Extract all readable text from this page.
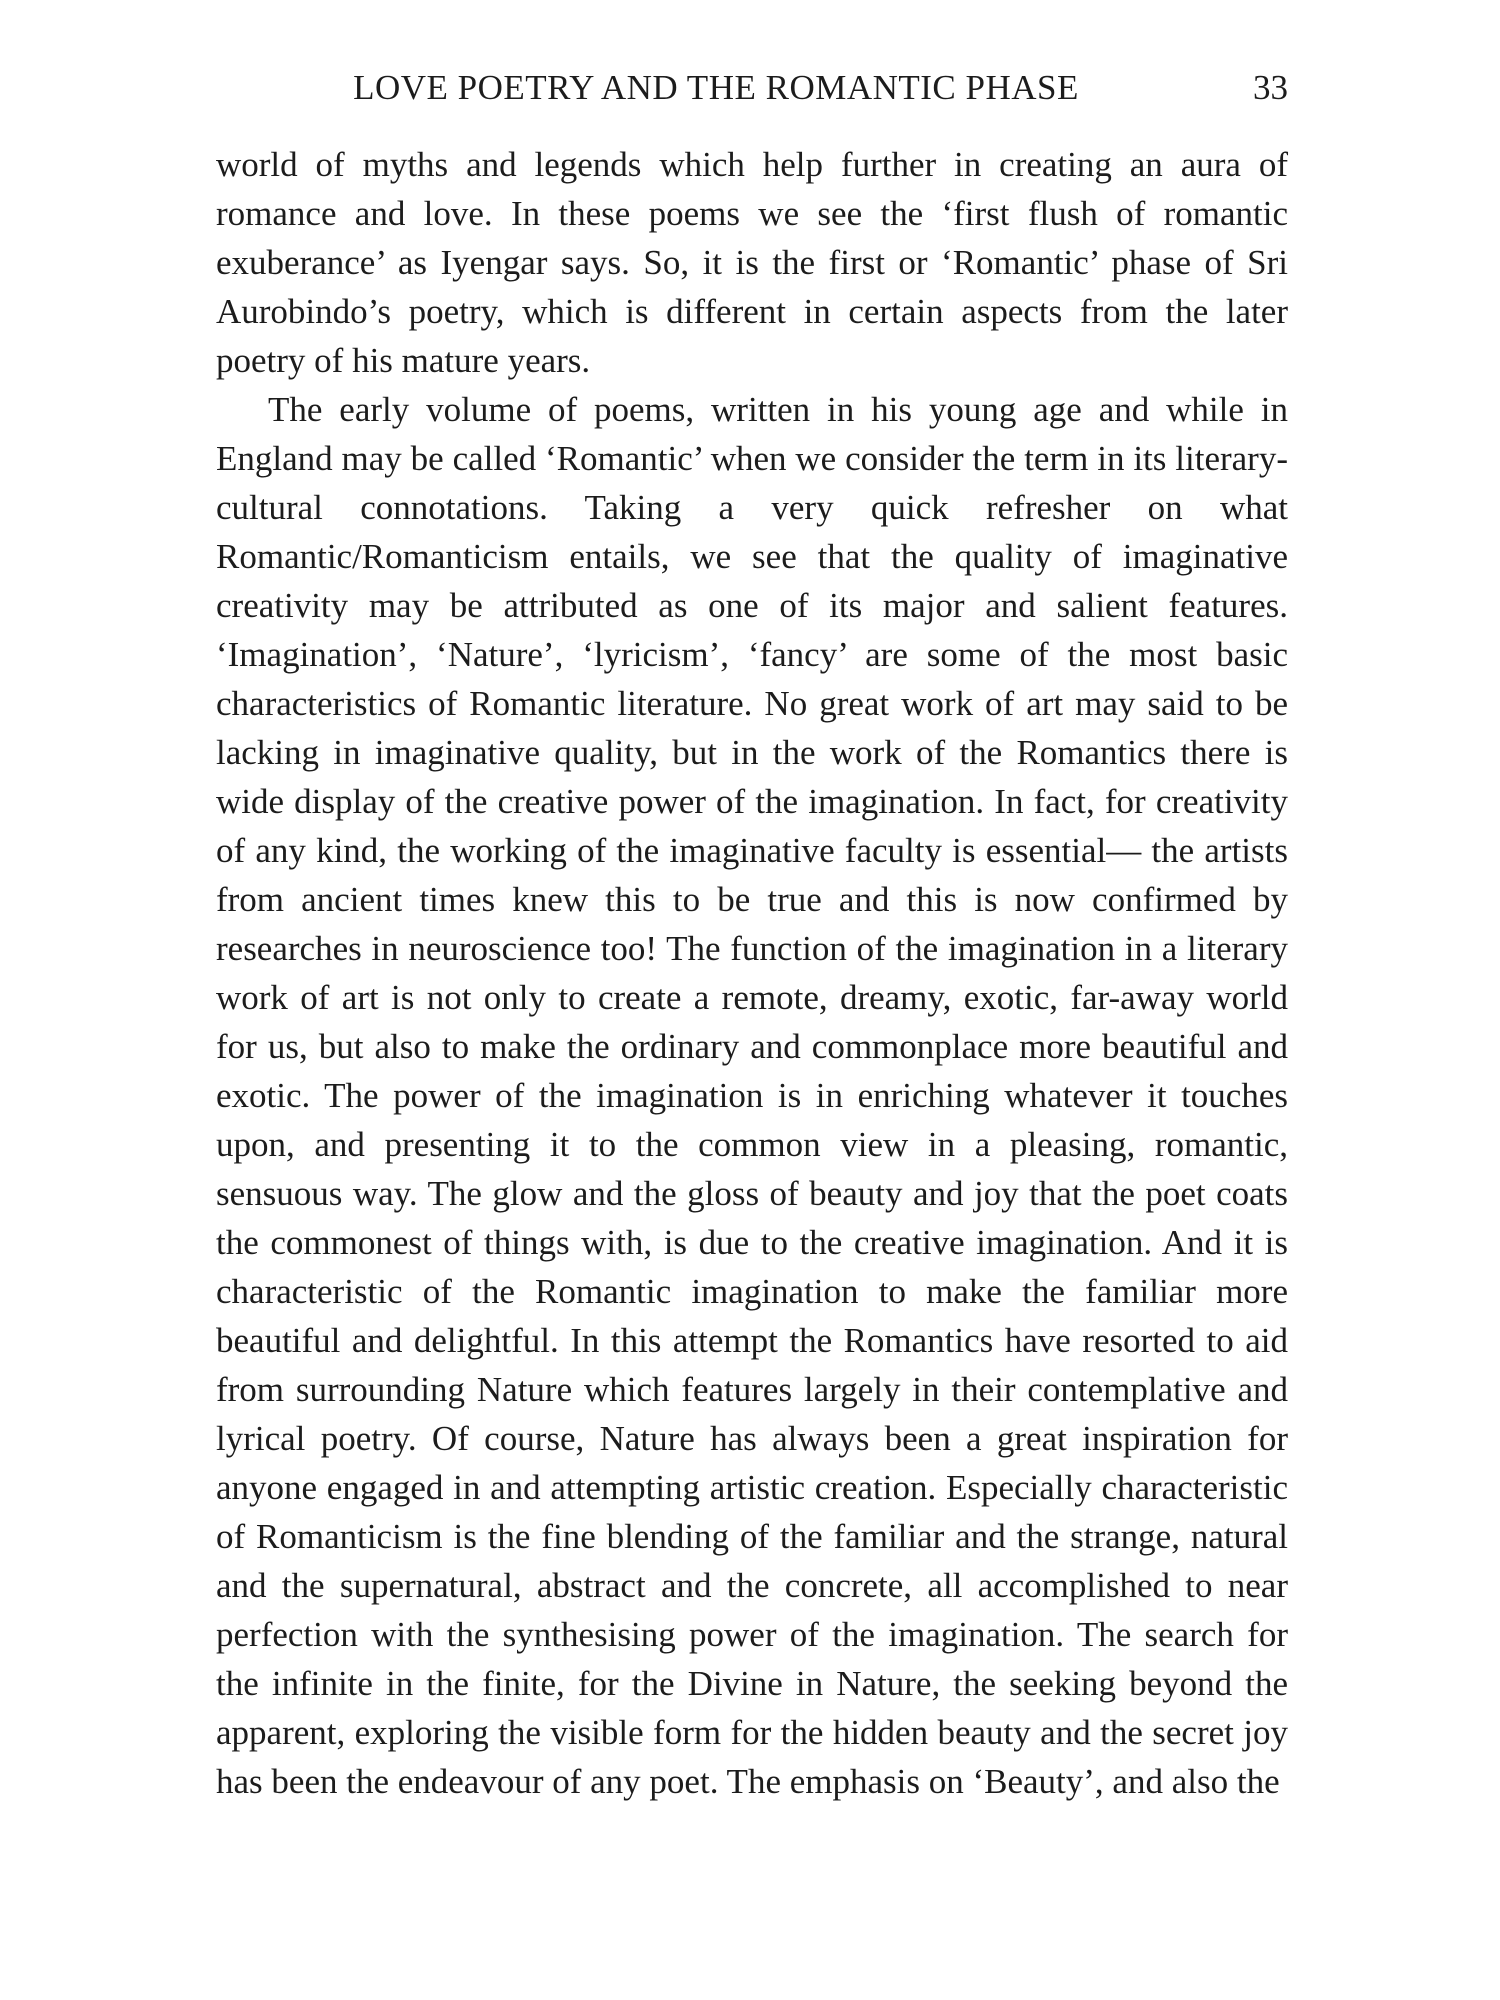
LOVE POETRY AND THE ROMANTIC PHASE	33

world of myths and legends which help further in creating an aura of romance and love. In these poems we see the ‘first flush of romantic exuberance’ as Iyengar says. So, it is the first or ‘Romantic’ phase of Sri Aurobindo’s poetry, which is different in certain aspects from the later poetry of his mature years.

The early volume of poems, written in his young age and while in England may be called ‘Romantic’ when we consider the term in its literary-cultural connotations. Taking a very quick refresher on what Romantic/Romanticism entails, we see that the quality of imaginative creativity may be attributed as one of its major and salient features. ‘Imagination’, ‘Nature’, ‘lyricism’, ‘fancy’ are some of the most basic characteristics of Romantic literature. No great work of art may said to be lacking in imaginative quality, but in the work of the Romantics there is wide display of the creative power of the imagination. In fact, for creativity of any kind, the working of the imaginative faculty is essential— the artists from ancient times knew this to be true and this is now confirmed by researches in neuroscience too! The function of the imagination in a literary work of art is not only to create a remote, dreamy, exotic, far-away world for us, but also to make the ordinary and commonplace more beautiful and exotic. The power of the imagination is in enriching whatever it touches upon, and presenting it to the common view in a pleasing, romantic, sensuous way. The glow and the gloss of beauty and joy that the poet coats the commonest of things with, is due to the creative imagination. And it is characteristic of the Romantic imagination to make the familiar more beautiful and delightful. In this attempt the Romantics have resorted to aid from surrounding Nature which features largely in their contemplative and lyrical poetry. Of course, Nature has always been a great inspiration for anyone engaged in and attempting artistic creation. Especially characteristic of Romanticism is the fine blending of the familiar and the strange, natural and the supernatural, abstract and the concrete, all accomplished to near perfection with the synthesising power of the imagination. The search for the infinite in the finite, for the Divine in Nature, the seeking beyond the apparent, exploring the visible form for the hidden beauty and the secret joy has been the endeavour of any poet. The emphasis on ‘Beauty’, and also the
